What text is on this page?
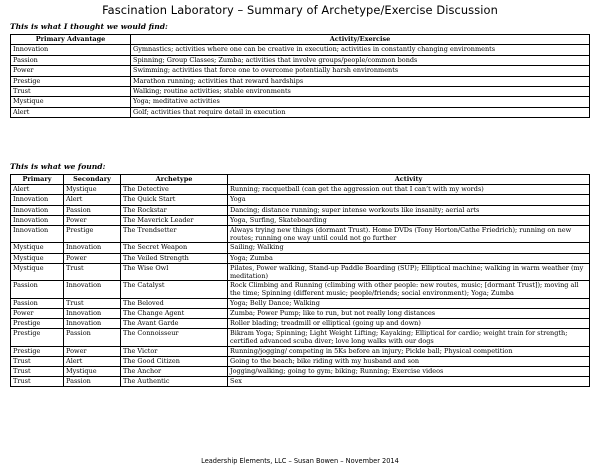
Fascination Laboratory – Summary of Archetype/Exercise Discussion
This is what I thought we would find:
Primary Advantage	Activity/Exercise
Innovation	Gymnastics; activities where one can be creative in execution; activities in constantly changing environments
Passion	Spinning; Group Classes; Zumba; activities that involve groups/people/common bonds
Power	Swimming; activities that force one to overcome potentially harsh environments
Prestige	Marathon running; activities that reward hardships
Trust	Walking; routine activities; stable environments
Mystique	Yoga; meditative activities
Alert	Golf; activities that require detail in execution
This is what we found:
Primary	Secondary	Archetype	Activity
Alert	Mystique	The Detective	Running; racquetball (can get the aggression out that I can’t with my words)
Innovation	Alert	The Quick Start	Yoga
Innovation	Passion	The Rockstar	Dancing; distance running; super intense workouts like insanity; aerial arts
Innovation	Power	The Maverick Leader	Yoga, Surfing, Skateboarding
Innovation	Prestige	The Trendsetter	Always trying new things (dormant Trust). Home DVDs (Tony Horton/Cathe Friedrich); running on new routes; running one way until could not go further
Mystique	Innovation	The Secret Weapon	Sailing; Walking
Mystique	Power	The Veiled Strength	Yoga; Zumba
Mystique	Trust	The Wise Owl	Pilates, Power walking, Stand-up Paddle Boarding (SUP); Elliptical machine; walking in warm weather (my meditation)
Passion	Innovation	The Catalyst	Rock Climbing and Running (climbing with other people: new routes, music; [dormant Trust]); moving all the time; Spinning (different music; people/friends; social environment); Yoga; Zumba
Passion	Trust	The Beloved	Yoga; Belly Dance; Walking
Power	Innovation	The Change Agent	Zumba; Power Pump; like to run, but not really long distances
Prestige	Innovation	The Avant Garde	Roller blading; treadmill or elliptical (going up and down)
Prestige	Passion	The Connoisseur	Bikram Yoga; Spinning; Light Weight Lifting; Kayaking; Elliptical for cardio; weight train for strength; certified advanced scuba diver; love long walks with our dogs
Prestige	Power	The Victor	Running/jogging/ competing in 5Ks before an injury; Pickle ball; Physical competition
Trust	Alert	The Good Citizen	Going to the beach; bike riding with my husband and son
Trust	Mystique	The Anchor	Jogging/walking; going to gym; biking; Running; Exercise videos
Trust	Passion	The Authentic	Sex
Leadership Elements, LLC – Susan Bowen – November 2014
